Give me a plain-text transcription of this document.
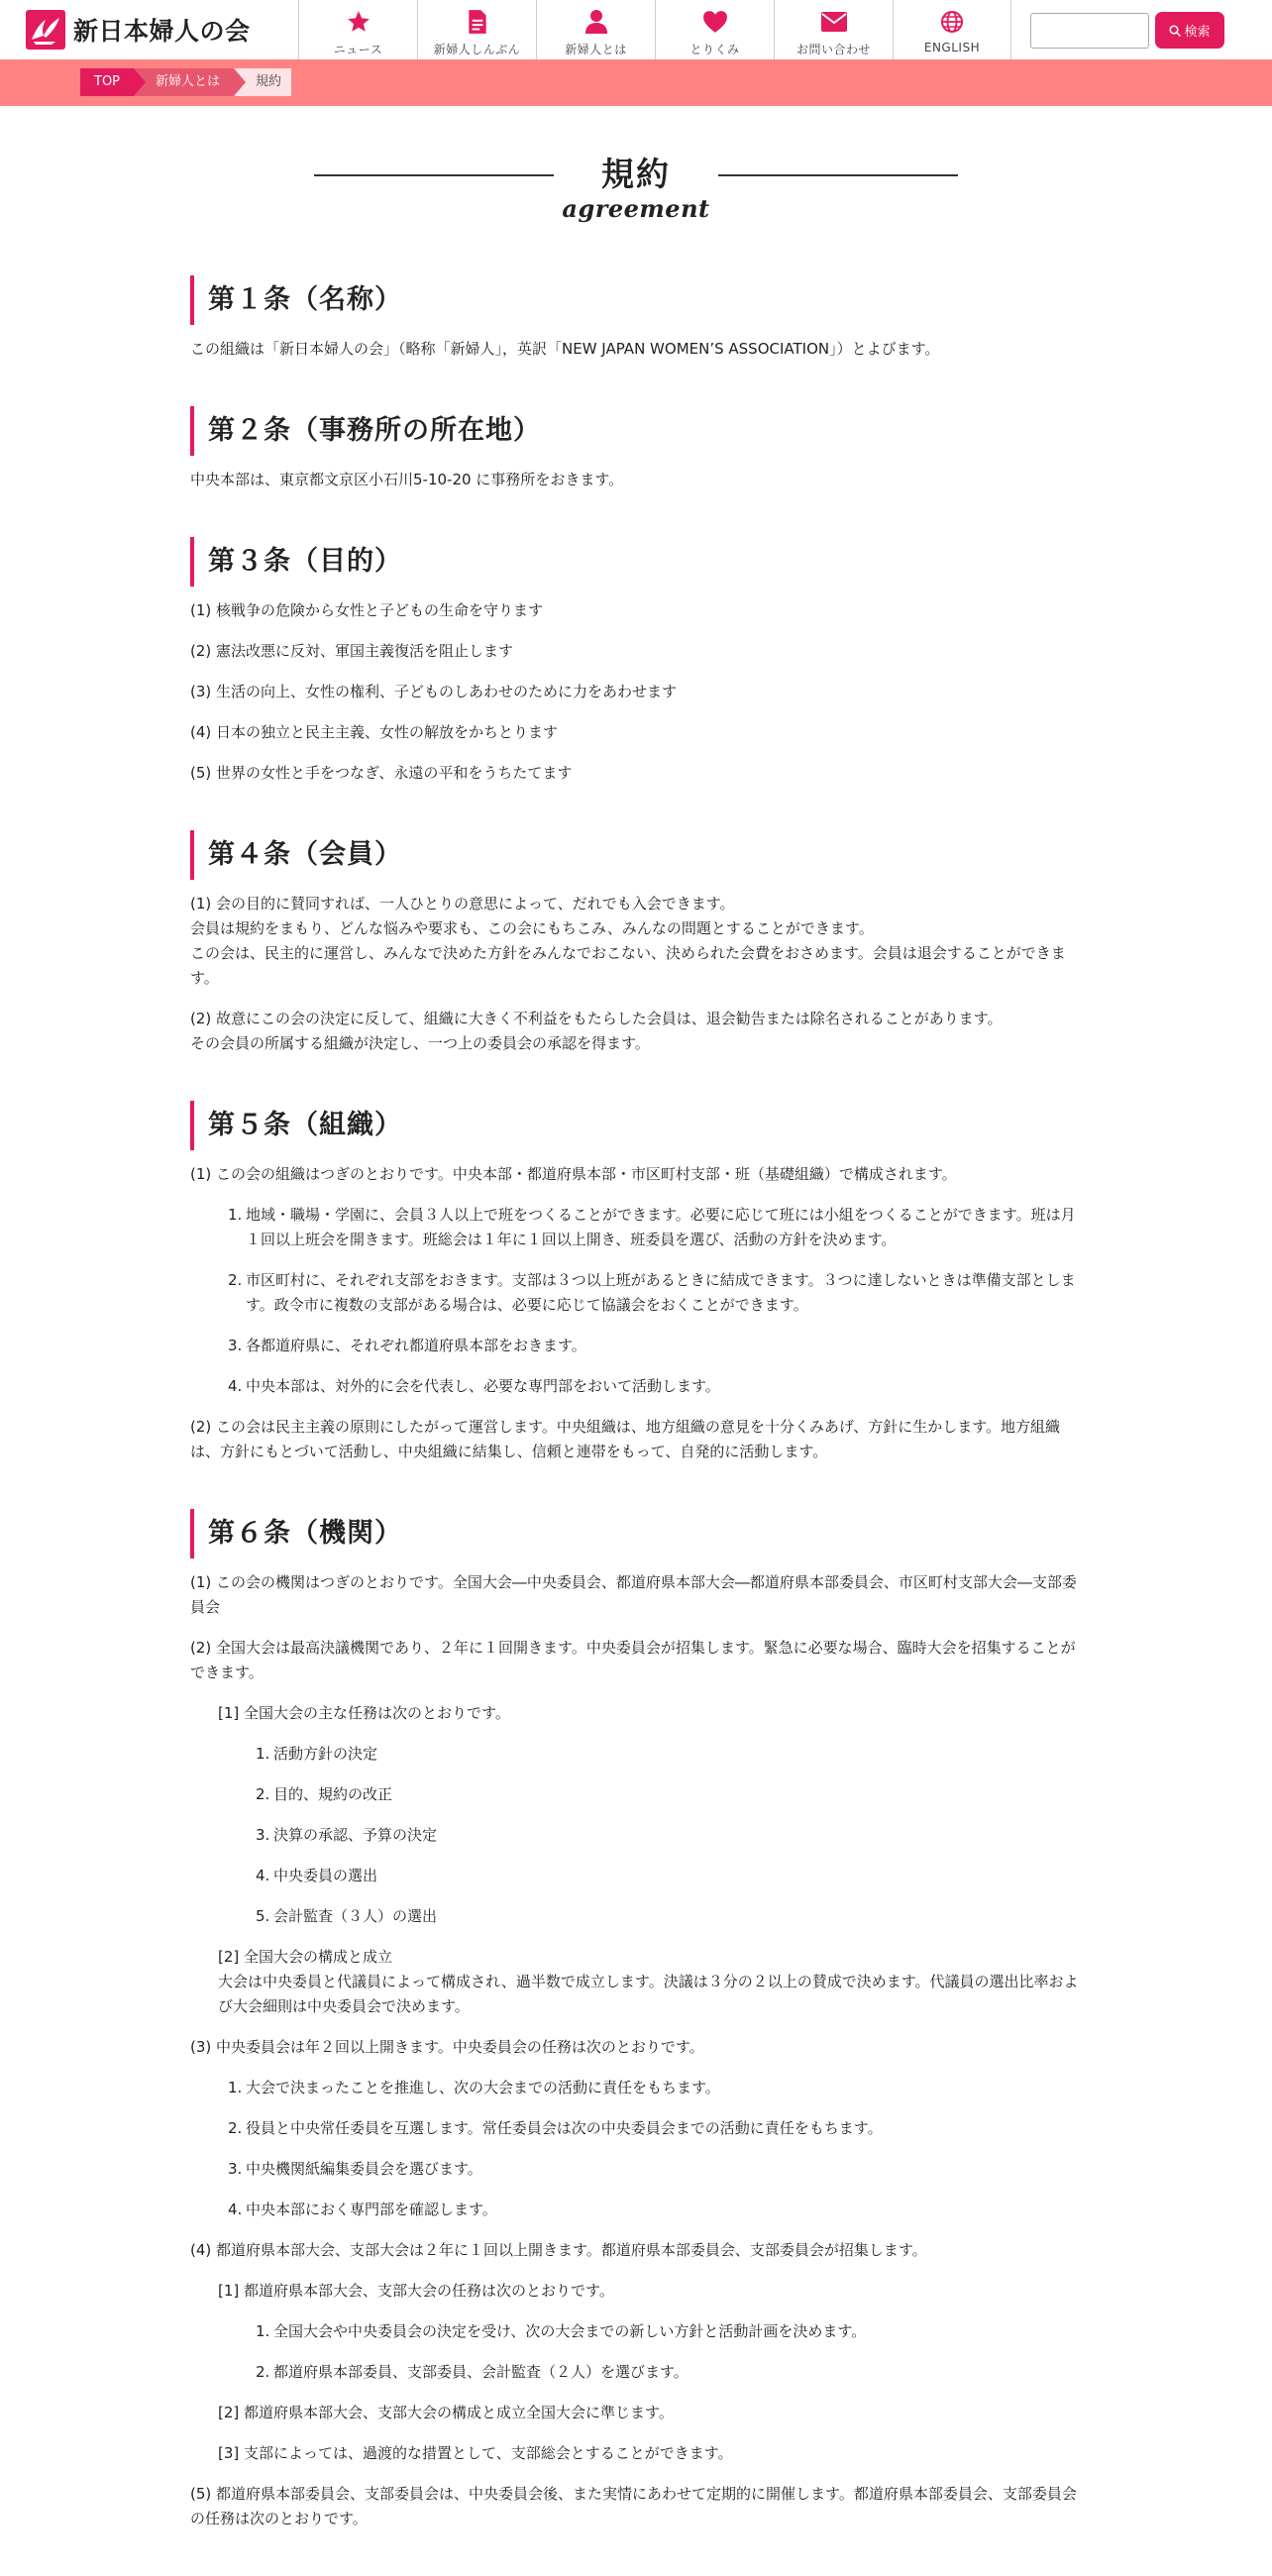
新日本婦人の会
ニュース	新婦人しんぶん	新婦人とは	とりくみ	お問い合わせ	ENGLISH
検索
TOP	新婦人とは	規約
規約
agreement
第１条（名称）

この組織は「新日本婦人の会」（略称「新婦人」，英訳「NEW JAPAN WOMEN’S ASSOCIATION」）とよびます。

第２条（事務所の所在地）

中央本部は、東京都文京区小石川5-10-20 に事務所をおきます。

第３条（目的）

(1) 核戦争の危険から女性と子どもの生命を守ります

(2) 憲法改悪に反対、軍国主義復活を阻止します

(3) 生活の向上、女性の権利、子どものしあわせのために力をあわせます

(4) 日本の独立と民主主義、女性の解放をかちとります

(5) 世界の女性と手をつなぎ、永遠の平和をうちたてます

第４条（会員）
(1) 会の目的に賛同すれば、一人ひとりの意思によって、だれでも入会できます。
会員は規約をまもり、どんな悩みや要求も、この会にもちこみ、みんなの問題とすることができます。
この会は、民主的に運営し、みんなで決めた方針をみんなでおこない、決められた会費をおさめます。会員は退会することができます。
(2) 故意にこの会の決定に反して、組織に大きく不利益をもたらした会員は、退会勧告または除名されることがあります。
その会員の所属する組織が決定し、一つ上の委員会の承認を得ます。
第５条（組織）

(1) この会の組織はつぎのとおりです。中央本部・都道府県本部・市区町村支部・班（基礎組織）で構成されます。

1. 地域・職場・学園に、会員３人以上で班をつくることができます。必要に応じて班には小組をつくることができます。班は月１回以上班会を開きます。班総会は１年に１回以上開き、班委員を選び、活動の方針を決めます。
2. 市区町村に、それぞれ支部をおきます。支部は３つ以上班があるときに結成できます。３つに達しないときは準備支部とします。政令市に複数の支部がある場合は、必要に応じて協議会をおくことができます。
3. 各都道府県に、それぞれ都道府県本部をおきます。
4. 中央本部は、対外的に会を代表し、必要な専門部をおいて活動します。

(2) この会は民主主義の原則にしたがって運営します。中央組織は、地方組織の意見を十分くみあげ、方針に生かします。地方組織は、方針にもとづいて活動し、中央組織に結集し、信頼と連帯をもって、自発的に活動します。

第６条（機関）

(1) この会の機関はつぎのとおりです。全国大会―中央委員会、都道府県本部大会―都道府県本部委員会、市区町村支部大会―支部委員会

(2) 全国大会は最高決議機関であり、２年に１回開きます。中央委員会が招集します。緊急に必要な場合、臨時大会を招集することができます。

[1] 全国大会の主な任務は次のとおりです。

1. 活動方針の決定
2. 目的、規約の改正
3. 決算の承認、予算の決定
4. 中央委員の選出
5. 会計監査（３人）の選出
[2] 全国大会の構成と成立
大会は中央委員と代議員によって構成され、過半数で成立します。決議は３分の２以上の賛成で決めます。代議員の選出比率および大会細則は中央委員会で決めます。

(3) 中央委員会は年２回以上開きます。中央委員会の任務は次のとおりです。

1. 大会で決まったことを推進し、次の大会までの活動に責任をもちます。
2. 役員と中央常任委員を互選します。常任委員会は次の中央委員会までの活動に責任をもちます。
3. 中央機関紙編集委員会を選びます。
4. 中央本部におく専門部を確認します。

(4) 都道府県本部大会、支部大会は２年に１回以上開きます。都道府県本部委員会、支部委員会が招集します。

[1] 都道府県本部大会、支部大会の任務は次のとおりです。

1. 全国大会や中央委員会の決定を受け、次の大会までの新しい方針と活動計画を決めます。
2. 都道府県本部委員、支部委員、会計監査（２人）を選びます。

[2] 都道府県本部大会、支部大会の構成と成立全国大会に準じます。

[3] 支部によっては、過渡的な措置として、支部総会とすることができます。

(5) 都道府県本部委員会、支部委員会は、中央委員会後、また実情にあわせて定期的に開催します。都道府県本部委員会、支部委員会の任務は次のとおりです。
